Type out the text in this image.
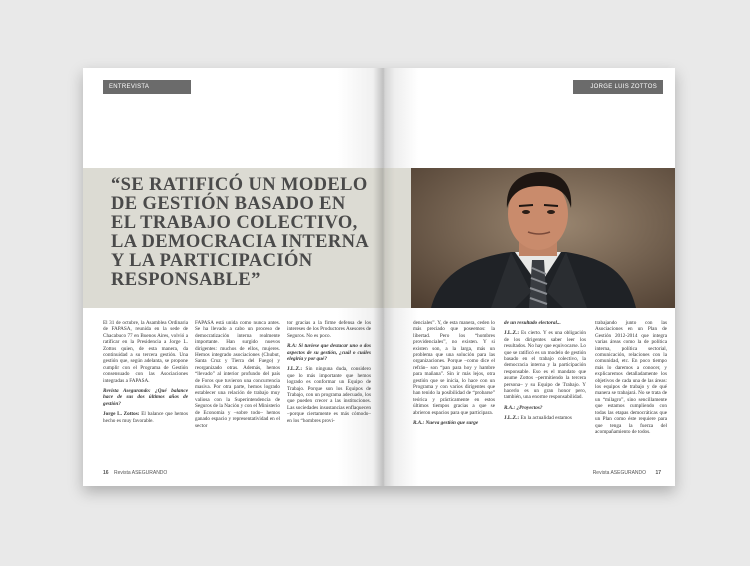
ENTREVISTA
“SE RATIFICÓ UN MODELO DE GESTIÓN BASADO EN EL TRABAJO COLECTIVO, LA DEMOCRACIA INTERNA Y LA PARTICIPACIÓN RESPONSABLE”

El 31 de octubre, la Asamblea Ordinaria de FAPASA, reunida en la sede de Chacabuco 77 en Buenos Aires, volvió a ratificar en la Presidencia a Jorge L. Zottos quien, de esta manera, da continuidad a su tercera gestión. Una gestión que, según adelanta, se propone cumplir con el Programa de Gestión consensuado con las Asociaciones integradas a FAPASA.

Revista Asegurando: ¿Qué balance hace de sus dos últimos años de gestión?

Jorge L. Zottos: El balance que hemos hecho es muy favorable.

FAPASA está unida como nunca antes. Se ha llevado a cabo un proceso de democratización interna realmente importante. Han surgido nuevos dirigentes: muchos de ellos, mujeres. Hemos integrado asociaciones (Chubut, Santa Cruz y Tierra del Fuego) y reorganizado otras. Además, hemos “llevado” al interior profundo del país de Foros que tuvieron una concurrencia masiva. Por otra parte, hemos logrado establecer una relación de trabajo muy valiosa con la Superintendencia de Seguros de la Nación y con el Ministerio de Economía y –sobre todo– hemos ganado espacio y representatividad en el sector

tor gracias a la firme defensa de los intereses de los Productores Asesores de Seguros. No es poco.

R.A: Si tuviese que destacar uno o dos aspectos de su gestión, ¿cuál o cuáles elegiría y por qué?

J.L.Z.: Sin ninguna duda, considero que lo más importante que hemos logrado es conformar un Equipo de Trabajo. Porque son los Equipos de Trabajo, con un programa adecuado, los que pueden crecer a las instituciones. Las sociedades insustancias enflaquecen –porque ciertamente es más cómodo– en los “hombres provi-

16 Revista ASEGURANDO
JORGE LUIS ZOTTOS

denciales”. Y, de esta manera, ceden lo más preciado que poseemos: la libertad. Pero los “hombres providenciales”, no existen. Y si existen son, a la larga, más un problema que una solución para las organizaciones. Porque –como dice el refrán– son “pan para hoy y hambre para mañana”. Sin ir más lejos, otra gestión que se inicia, lo hace con un Programa y con varios dirigentes que han tenido la posibilidad de “probarse” teórica y prácticamente en estos últimos tiempos gracias a que se abrieron espacios para que participara.

R.A.: Nueva gestión que surge

de un resultado electoral...

J.L.Z.: Es cierto. Y es una obligación de los dirigentes saber leer los resultados. No hay que equivocarse. Lo que se ratificó es un modelo de gestión basado en el trabajo colectivo, la democracia interna y la participación responsable. Eso es el mandato que asume Zottos –permitiendo la tercera persona– y su Equipo de Trabajo. Y hacerlo es un gran honor pero, también, una enorme responsabilidad.

R.A.: ¿Proyectos?

J.L.Z.: En la actualidad estamos

trabajando junto con las Asociaciones en un Plan de Gestión 2012-2014 que integra varias áreas como la de política interna, política sectorial, comunicación, relaciones con la comunidad, etc. En poco tiempo más lo daremos a conocer, y explicaremos detalladamente los objetivos de cada una de las áreas: los equipos de trabajo y de qué manera se trabajará. No se trata de un “milagro”, sino sencillamente que estamos cumpliendo con todas las etapas democráticas que un Plan como éste requiere para que tenga la fuerza del acompañamiento de todos.

Revista ASEGURANDO 17
